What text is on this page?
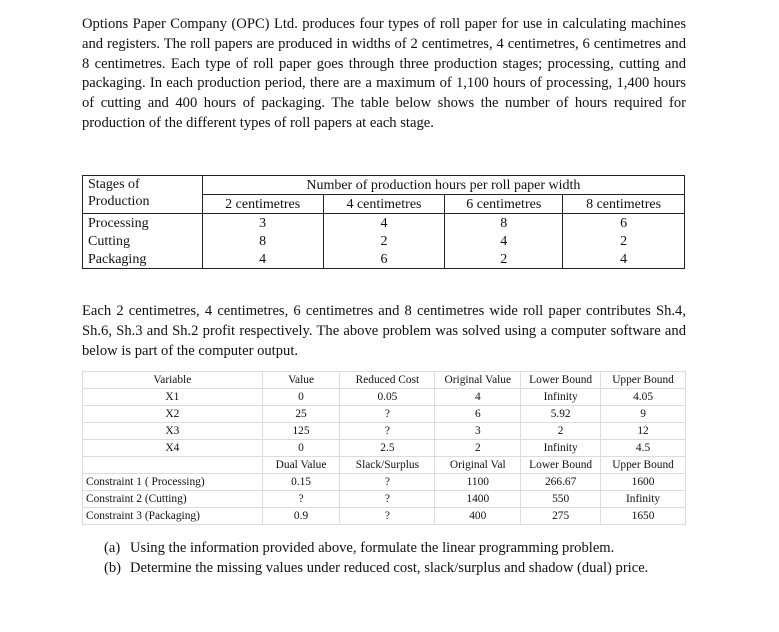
Options Paper Company (OPC) Ltd. produces four types of roll paper for use in calculating machines and registers. The roll papers are produced in widths of 2 centimetres, 4 centimetres, 6 centimetres and 8 centimetres. Each type of roll paper goes through three production stages; processing, cutting and packaging. In each production period, there are a maximum of 1,100 hours of processing, 1,400 hours of cutting and 400 hours of packaging. The table below shows the number of hours required for production of the different types of roll papers at each stage.

Stages of
Production	Number of production hours per roll paper width			
	2 centimetres	4 centimetres	6 centimetres	8 centimetres
Processing	3	4	8	6
Cutting	8	2	4	2
Packaging	4	6	2	4

Each 2 centimetres, 4 centimetres, 6 centimetres and 8 centimetres wide roll paper contributes Sh.4, Sh.6, Sh.3 and Sh.2 profit respectively. The above problem was solved using a computer software and below is part of the computer output.

Variable	Value	Reduced Cost	Original Value	Lower Bound	Upper Bound
X1	0	0.05	4	Infinity	4.05
X2	25	?	6	5.92	9
X3	125	?	3	2	12
X4	0	2.5	2	Infinity	4.5
	Dual Value	Slack/Surplus	Original Val	Lower Bound	Upper Bound
Constraint 1 ( Processing)	0.15	?	1100	266.67	1600
Constraint 2 (Cutting)	?	?	1400	550	Infinity
Constraint 3 (Packaging)	0.9	?	400	275	1650
(a) Using the information provided above, formulate the linear programming problem.
(b) Determine the missing values under reduced cost, slack/surplus and shadow (dual) price.
